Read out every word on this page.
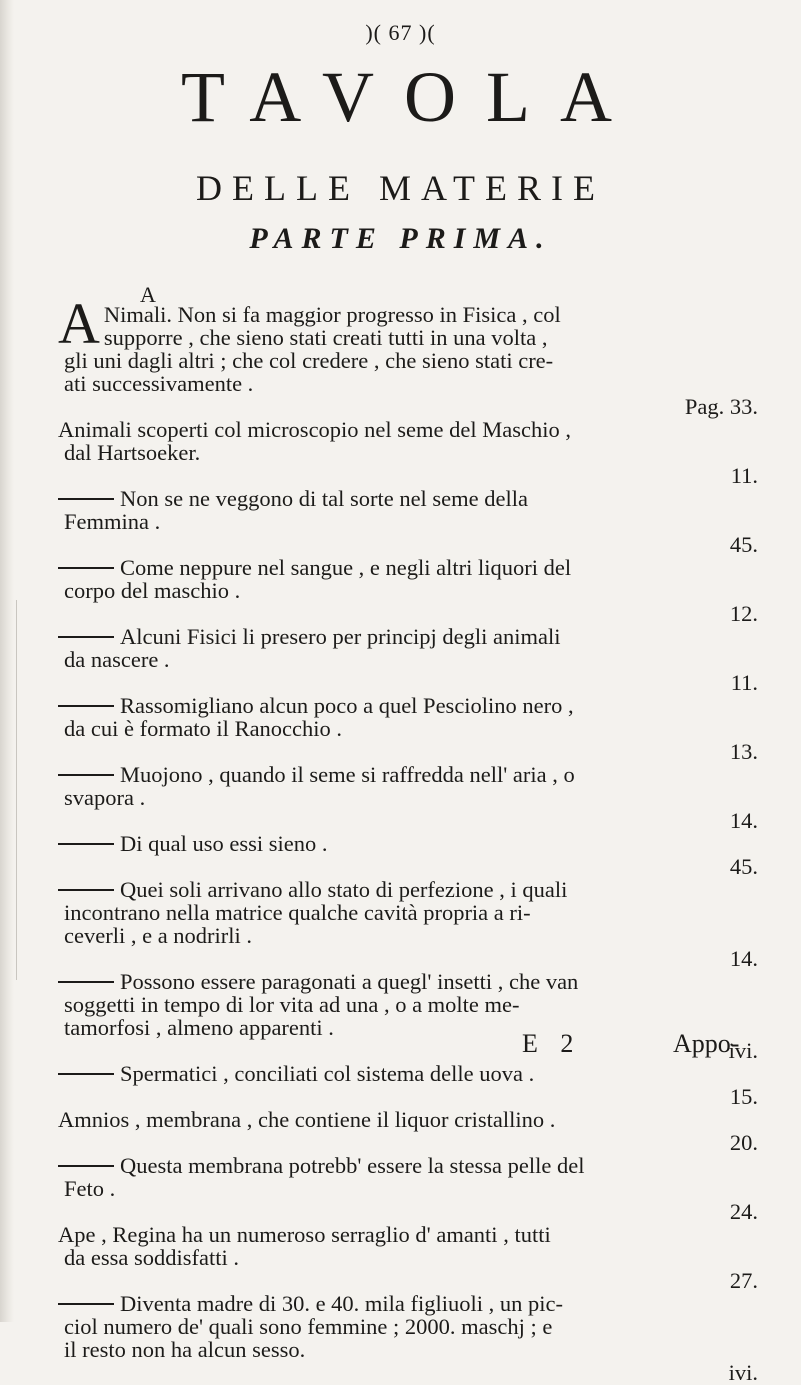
)( 67 )(
TAVOLA
DELLE MATERIE
PARTE PRIMA.
A
A Nimali. Non si fa maggior progresso in Fisica , col
supporre , che sieno stati creati tutti in una volta ,
gli uni dagli altri ; che col credere , che sieno stati cre-
ati successivamente .
Pag. 33.
Animali scoperti col microscopio nel seme del Maschio ,
dal Hartsoeker.
11.
Non se ne veggono di tal sorte nel seme della
Femmina .
45.
Come neppure nel sangue , e negli altri liquori del
corpo del maschio .
12.
Alcuni Fisici li presero per principj degli animali
da nascere .
11.
Rassomigliano alcun poco a quel Pesciolino nero ,
da cui è formato il Ranocchio .
13.
Muojono , quando il seme si raffredda nell' aria , o
svapora .
14.
Di qual uso essi sieno .
45.
Quei soli arrivano allo stato di perfezione , i quali
incontrano nella matrice qualche cavità propria a ri-
ceverli , e a nodrirli .
14.
Possono essere paragonati a quegl' insetti , che van
soggetti in tempo di lor vita ad una , o a molte me-
tamorfosi , almeno apparenti .
ivi.
Spermatici , conciliati col sistema delle uova .
15.
Amnios , membrana , che contiene il liquor cristallino .
20.
Questa membrana potrebb' essere la stessa pelle del
Feto .
24.
Ape , Regina ha un numeroso serraglio d' amanti , tutti
da essa soddisfatti .
27.
Diventa madre di 30. e 40. mila figliuoli , un pic-
ciol numero de' quali sono femmine ; 2000. maschj ; e
il resto non ha alcun sesso.
ivi.
E 2	Appo-
